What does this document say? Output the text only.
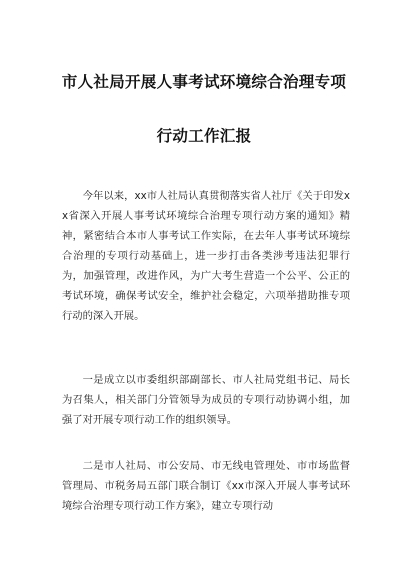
市人社局开展人事考试环境综合治理专项
行动工作汇报

今年以来，xx市人社局认真贯彻落实省人社厅《关于印发xx省深入开展人事考试环境综合治理专项行动方案的通知》精神，紧密结合本市人事考试工作实际，在去年人事考试环境综合治理的专项行动基础上，进一步打击各类涉考违法犯罪行为，加强管理，改进作风，为广大考生营造一个公平、公正的考试环境，确保考试安全，维护社会稳定，六项举措助推专项行动的深入开展。

一是成立以市委组织部副部长、市人社局党组书记、局长为召集人，相关部门分管领导为成员的专项行动协调小组，加强了对开展专项行动工作的组织领导。

二是市人社局、市公安局、市无线电管理处、市市场监督管理局、市税务局五部门联合制订《xx市深入开展人事考试环境综合治理专项行动工作方案》，建立专项行动
